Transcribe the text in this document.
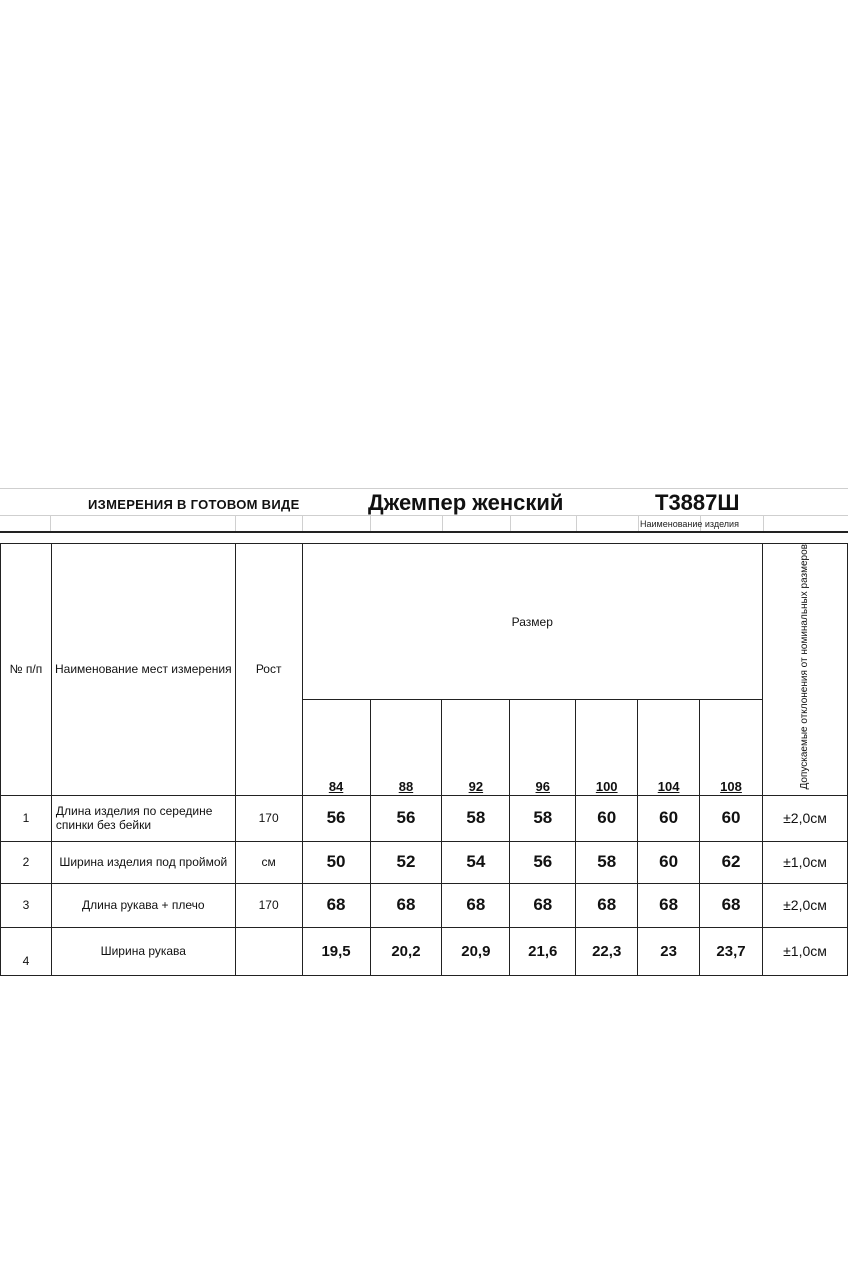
ИЗМЕРЕНИЯ В ГОТОВОМ ВИДЕ	Джемпер женский	Т3887Ш
Наименование изделия
№ п/п	Наименование мест измерения	Рост	Размер							Допускаемые отклонения от номинальных размеров
			84	88	92	96	100	104	108	
1	Длина изделия по середине спинки без бейки	170	56	56	58	58	60	60	60	±2,0см
2	Ширина изделия под проймой	см	50	52	54	56	58	60	62	±1,0см
3	Длина рукава + плечо	170	68	68	68	68	68	68	68	±2,0см
4	Ширина рукава		19,5	20,2	20,9	21,6	22,3	23	23,7	±1,0см
